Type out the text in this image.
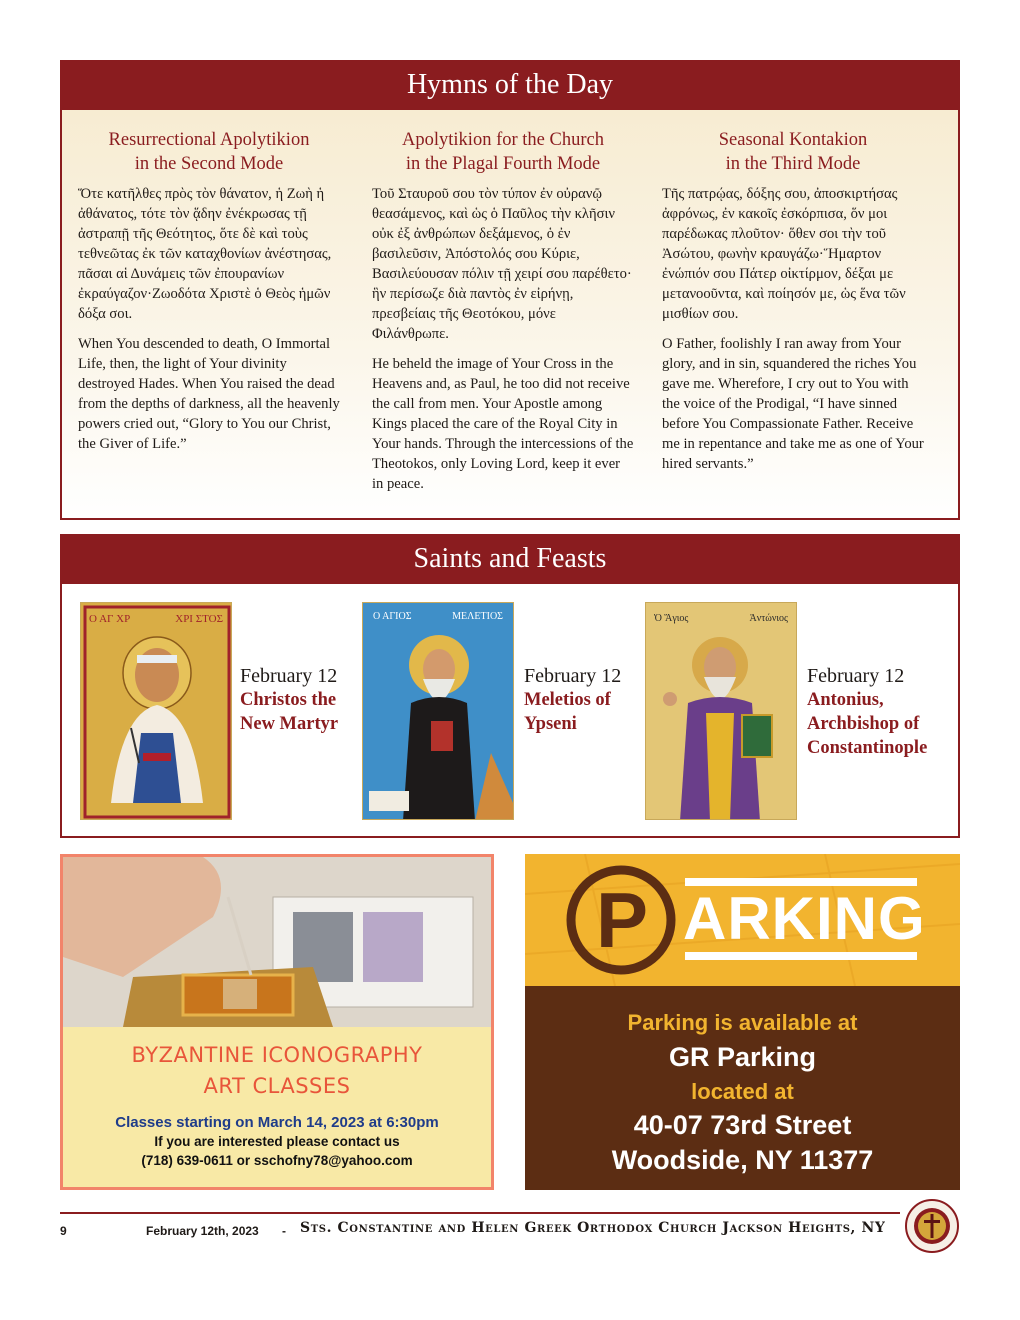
Hymns of the Day
Resurrectional Apolytikion
in the Second Mode

Ὅτε κατῆλθες πρὸς τὸν θάνατον, ἡ Ζωὴ ἡ ἀθάνατος, τότε τὸν ᾅδην ἐνέκρωσας τῇ ἀστραπῇ τῆς Θεότητος, ὅτε δὲ καὶ τοὺς τεθνεῶτας ἐκ τῶν καταχθονίων ἀνέστησας, πᾶσαι αἱ Δυνάμεις τῶν ἐπουρανίων ἐκραύγαζον·Ζωοδότα Χριστὲ ὁ Θεὸς ἡμῶν δόξα σοι.

When You descended to death, O Immortal Life, then, the light of Your divinity destroyed Hades. When You raised the dead from the depths of darkness, all the heavenly powers cried out, “Glory to You our Christ, the Giver of Life.”

Apolytikion for the Church
in the Plagal Fourth Mode

Τοῦ Σταυροῦ σου τὸν τύπον ἐν οὐρανῷ θεασάμενος, καὶ ὡς ὁ Παῦλος τὴν κλῆσιν οὐκ ἐξ ἀνθρώπων δεξάμενος, ὁ ἐν βασιλεῦσιν, Ἀπόστολός σου Κύριε, Βασιλεύουσαν πόλιν τῇ χειρί σου παρέθετο· ἣν περίσωζε διὰ παντὸς ἐν εἰρήνῃ, πρεσβείαις τῆς Θεοτόκου, μόνε Φιλάνθρωπε.

He beheld the image of Your Cross in the Heavens and, as Paul, he too did not receive the call from men. Your Apostle among Kings placed the care of the Royal City in Your hands. Through the intercessions of the Theotokos, only Loving Lord, keep it ever in peace.

Seasonal Kontakion
in the Third Mode

Τῆς πατρῴας, δόξης σου, ἀποσκιρτήσας ἀφρόνως, ἐν κακοῖς ἐσκόρπισα, ὅν μοι παρέδωκας πλοῦτον· ὅθεν σοι τὴν τοῦ Ἀσώτου, φωνὴν κραυγάζω·Ἥμαρτον ἐνώπιόν σου Πάτερ οἰκτίρμον, δέξαι με μετανοοῦντα, καὶ ποίησόν με, ὡς ἕνα τῶν μισθίων σου.

O Father, foolishly I ran away from Your glory, and in sin, squandered the riches You gave me. Wherefore, I cry out to You with the voice of the Prodigal, “I have sinned before You Compassionate Father. Receive me in repentance and take me as one of Your hired servants.”

Saints and Feasts
Ο ΑΓ ΧΡ	ΧΡΙ ΣΤΟΣ
February 12
Christos the
New Martyr
Ο ΑΓΙΟΣ	ΜΕΛΕΤΙΟΣ
February 12
Meletios of
Ypseni
Ὁ Ἅγιος	Ἀντώνιος
February 12
Antonius,
Archbishop of
Constantinople
BYZANTINE ICONOGRAPHY
ART CLASSES
Classes starting on March 14, 2023 at 6:30pm
If you are interested please contact us
(718) 639-0611 or sschofny78@yahoo.com
P ARKING
Parking is available at
GR Parking
located at
40-07 73rd Street
Woodside, NY 11377
9	February 12th, 2023 - Sts. Constantine and Helen Greek Orthodox Church Jackson Heights, NY
